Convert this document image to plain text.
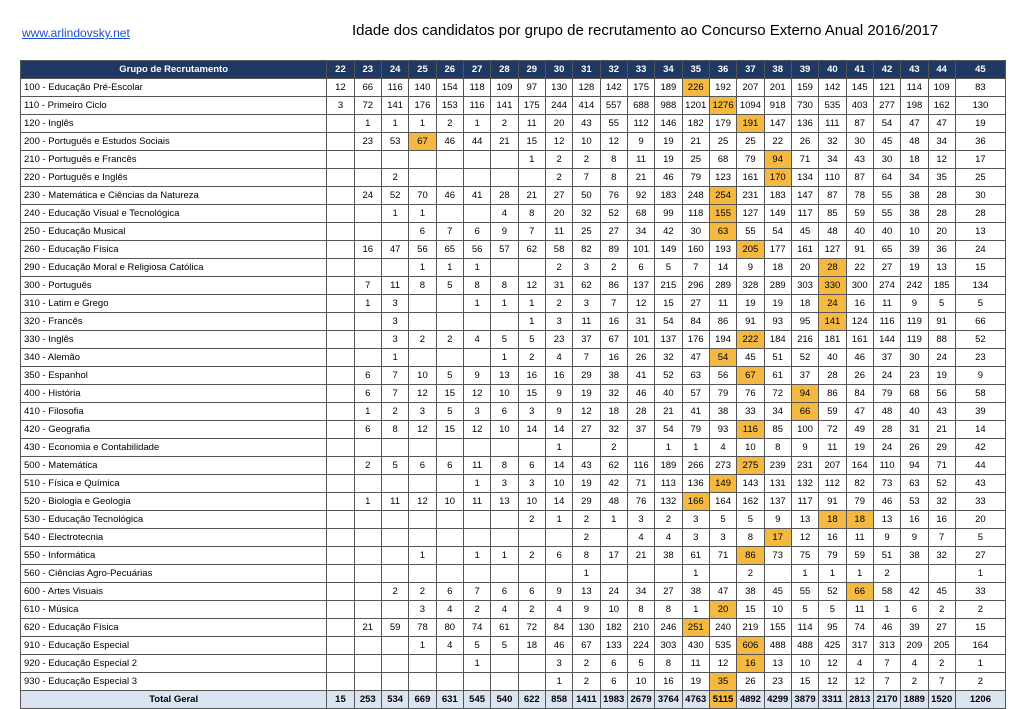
www.arlindovsky.net	Idade dos candidatos por grupo de recrutamento ao Concurso Externo Anual 2016/2017
Grupo de Recrutamento	22	23	24	25	26	27	28	29	30	31	32	33	34	35	36	37	38	39	40	41	42	43	44	45
100 - Educação Pré-Escolar	12	66	116	140	154	118	109	97	130	128	142	175	189	226	192	207	201	159	142	145	121	114	109	83
110 - Primeiro Ciclo	3	72	141	176	153	116	141	175	244	414	557	688	988	1201	1276	1094	918	730	535	403	277	198	162	130
120 - Inglês		1	1	1	2	1	2	11	20	43	55	112	146	182	179	191	147	136	111	87	54	47	47	19
200 - Português e Estudos Sociais		23	53	67	46	44	21	15	12	10	12	9	19	21	25	25	22	26	32	30	45	48	34	36
210 - Português e Francês								1	2	2	8	11	19	25	68	79	94	71	34	43	30	18	12	17
220 - Português e Inglês			2						2	7	8	21	46	79	123	161	170	134	110	87	64	34	35	25
230 - Matemática e Ciências da Natureza		24	52	70	46	41	28	21	27	50	76	92	183	248	254	231	183	147	87	78	55	38	28	30
240 - Educação Visual e Tecnológica			1	1			4	8	20	32	52	68	99	118	155	127	149	117	85	59	55	38	28	28
250 - Educação Musical				6	7	6	9	7	11	25	27	34	42	30	63	55	54	45	48	40	40	10	20	13
260 - Educação Física		16	47	56	65	56	57	62	58	82	89	101	149	160	193	205	177	161	127	91	65	39	36	24
290 - Educação Moral e Religiosa Católica				1	1	1			2	3	2	6	5	7	14	9	18	20	28	22	27	19	13	15
300 - Português		7	11	8	5	8	8	12	31	62	86	137	215	296	289	328	289	303	330	300	274	242	185	134
310 - Latim e Grego		1	3			1	1	1	2	3	7	12	15	27	11	19	19	18	24	16	11	9	5	5
320 - Francês			3					1	3	11	16	31	54	84	86	91	93	95	141	124	116	119	91	66
330 - Inglês			3	2	2	4	5	5	23	37	67	101	137	176	194	222	184	216	181	161	144	119	88	52
340 - Alemão			1				1	2	4	7	16	26	32	47	54	45	51	52	40	46	37	30	24	23
350 - Espanhol		6	7	10	5	9	13	16	16	29	38	41	52	63	56	67	61	37	28	26	24	23	19	9
400 - História		6	7	12	15	12	10	15	9	19	32	46	40	57	79	76	72	94	86	84	79	68	56	58
410 - Filosofia		1	2	3	5	3	6	3	9	12	18	28	21	41	38	33	34	66	59	47	48	40	43	39
420 - Geografia		6	8	12	15	12	10	14	14	27	32	37	54	79	93	116	85	100	72	49	28	31	21	14
430 - Economia e Contabilidade									1		2		1	1	4	10	8	9	11	19	24	26	29	42
500 - Matemática		2	5	6	6	11	8	6	14	43	62	116	189	266	273	275	239	231	207	164	110	94	71	44
510 - Física e Química						1	3	3	10	19	42	71	113	136	149	143	131	132	112	82	73	63	52	43
520 - Biologia e Geologia		1	11	12	10	11	13	10	14	29	48	76	132	166	164	162	137	117	91	79	46	53	32	33
530 - Educação Tecnológica								2	1	2	1	3	2	3	5	5	9	13	18	18	13	16	16	20
540 - Electrotecnia										2		4	4	3	3	8	17	12	16	11	9	9	7	5
550 - Informática				1		1	1	2	6	8	17	21	38	61	71	86	73	75	79	59	51	38	32	27
560 - Ciências Agro-Pecuárias										1				1		2		1	1	1	2			1
600 - Artes Visuais			2	2	6	7	6	6	9	13	24	34	27	38	47	38	45	55	52	66	58	42	45	33
610 - Música				3	4	2	4	2	4	9	10	8	8	1	20	15	10	5	5	11	1	6	2	2
620 - Educação Física		21	59	78	80	74	61	72	84	130	182	210	246	251	240	219	155	114	95	74	46	39	27	15
910 - Educação Especial				1	4	5	5	18	46	67	133	224	303	430	535	606	488	488	425	317	313	209	205	164
920 - Educação Especial 2						1			3	2	6	5	8	11	12	16	13	10	12	4	7	4	2	1
930 - Educação Especial 3									1	2	6	10	16	19	35	26	23	15	12	12	7	2	7	2
Total Geral	15	253	534	669	631	545	540	622	858	1411	1983	2679	3764	4763	5115	4892	4299	3879	3311	2813	2170	1889	1520	1206
